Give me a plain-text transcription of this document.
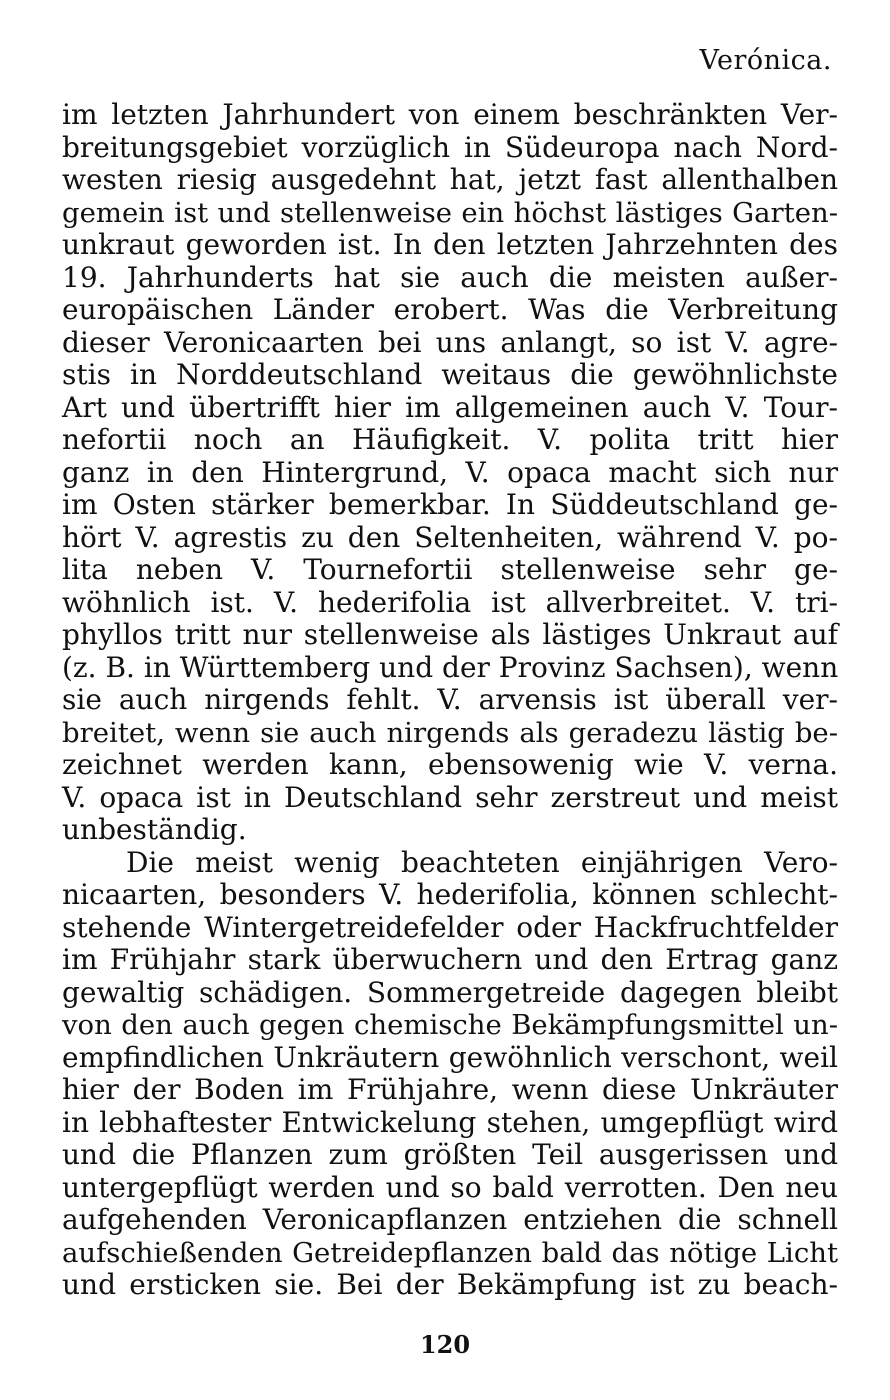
Verónica.
im letzten Jahrhundert von einem beschränkten Ver-
breitungsgebiet vorzüglich in Südeuropa nach Nord-
westen riesig ausgedehnt hat, jetzt fast allenthalben
gemein ist und stellenweise ein höchst lästiges Garten-
unkraut geworden ist. In den letzten Jahrzehnten des
19. Jahrhunderts hat sie auch die meisten außer-
europäischen Länder erobert. Was die Verbreitung
dieser Veronicaarten bei uns anlangt, so ist V. agre-
stis in Norddeutschland weitaus die gewöhnlichste
Art und übertrifft hier im allgemeinen auch V. Tour-
nefortii noch an Häufigkeit. V. polita tritt hier
ganz in den Hintergrund, V. opaca macht sich nur
im Osten stärker bemerkbar. In Süddeutschland ge-
hört V. agrestis zu den Seltenheiten, während V. po-
lita neben V. Tournefortii stellenweise sehr ge-
wöhnlich ist. V. hederifolia ist allverbreitet. V. tri-
phyllos tritt nur stellenweise als lästiges Unkraut auf
(z. B. in Württemberg und der Provinz Sachsen), wenn
sie auch nirgends fehlt. V. arvensis ist überall ver-
breitet, wenn sie auch nirgends als geradezu lästig be-
zeichnet werden kann, ebensowenig wie V. verna.
V. opaca ist in Deutschland sehr zerstreut und meist
unbeständig.
Die meist wenig beachteten einjährigen Vero-
nicaarten, besonders V. hederifolia, können schlecht-
stehende Wintergetreidefelder oder Hackfruchtfelder
im Frühjahr stark überwuchern und den Ertrag ganz
gewaltig schädigen. Sommergetreide dagegen bleibt
von den auch gegen chemische Bekämpfungsmittel un-
empfindlichen Unkräutern gewöhnlich verschont, weil
hier der Boden im Frühjahre, wenn diese Unkräuter
in lebhaftester Entwickelung stehen, umgepflügt wird
und die Pflanzen zum größten Teil ausgerissen und
untergepflügt werden und so bald verrotten. Den neu
aufgehenden Veronicapflanzen entziehen die schnell
aufschießenden Getreidepflanzen bald das nötige Licht
und ersticken sie. Bei der Bekämpfung ist zu beach-
120
